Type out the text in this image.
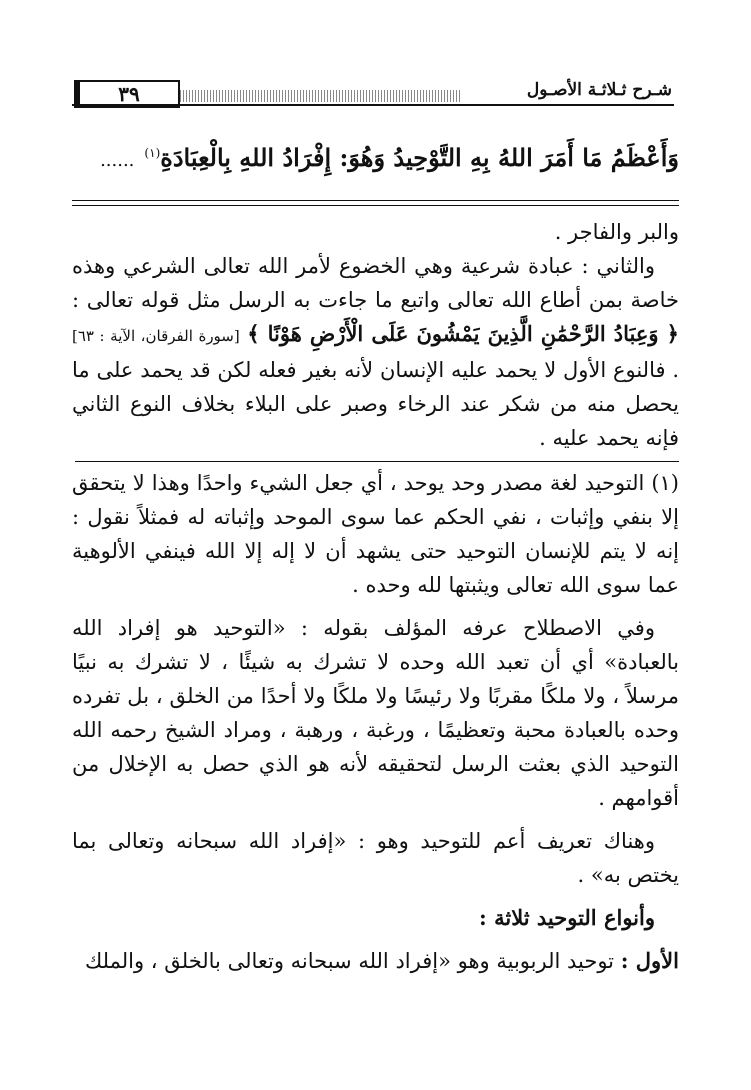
٣٩	شـرح ثـلاثـة الأصـول
وَأَعْظَمُ مَا أَمَرَ اللهُ بِهِ التَّوْحِيدُ وَهُوَ: إِفْرَادُ اللهِ بِالْعِبَادَةِ$^{(١)}$......

والبر والفاجر .

والثاني : عبادة شرعية وهي الخضوع لأمر الله تعالى الشرعي وهذه خاصة بمن أطاع الله تعالى واتبع ما جاءت به الرسل مثل قوله تعالى : ﴿ وَعِبَادُ الرَّحْمَٰنِ الَّذِينَ يَمْشُونَ عَلَى الْأَرْضِ هَوْنًا ﴾ [سورة الفرقان، الآية : ٦٣] . فالنوع الأول لا يحمد عليه الإنسان لأنه بغير فعله لكن قد يحمد على ما يحصل منه من شكر عند الرخاء وصبر على البلاء بخلاف النوع الثاني فإنه يحمد عليه .

(١) التوحيد لغة مصدر وحد يوحد ، أي جعل الشيء واحدًا وهذا لا يتحقق إلا بنفي وإثبات ، نفي الحكم عما سوى الموحد وإثباته له فمثلاً نقول : إنه لا يتم للإنسان التوحيد حتى يشهد أن لا إله إلا الله فينفي الألوهية عما سوى الله تعالى ويثبتها لله وحده .

وفي الاصطلاح عرفه المؤلف بقوله : «التوحيد هو إفراد الله بالعبادة» أي أن تعبد الله وحده لا تشرك به شيئًا ، لا تشرك به نبيًا مرسلاً ، ولا ملكًا مقربًا ولا رئيسًا ولا ملكًا ولا أحدًا من الخلق ، بل تفرده وحده بالعبادة محبة وتعظيمًا ، ورغبة ، ورهبة ، ومراد الشيخ رحمه الله التوحيد الذي بعثت الرسل لتحقيقه لأنه هو الذي حصل به الإخلال من أقوامهم .

وهناك تعريف أعم للتوحيد وهو : «إفراد الله سبحانه وتعالى بما يختص به» .

وأنواع التوحيد ثلاثة :

الأول : توحيد الربوبية وهو «إفراد الله سبحانه وتعالى بالخلق ، والملك
